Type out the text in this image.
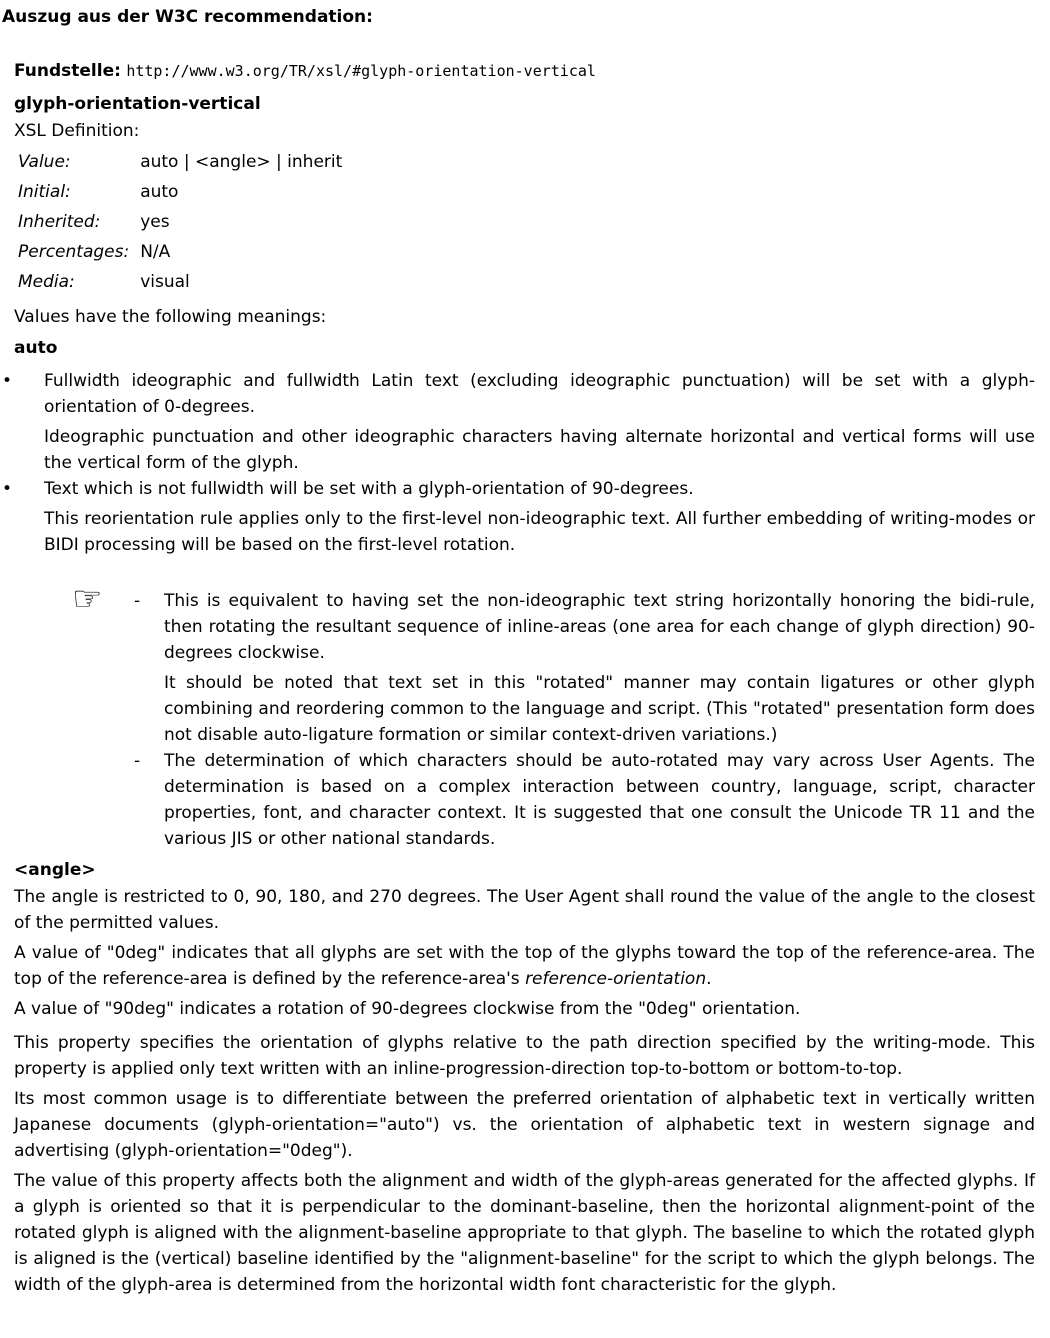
Auszug aus der W3C recommendation:

Fundstelle: http://www.w3.org/TR/xsl/#glyph-orientation-vertical

glyph-orientation-vertical

XSL Definition:

Value:	auto | <angle> | inherit
Initial:	auto
Inherited:	yes
Percentages:	N/A
Media:	visual

Values have the following meanings:

auto

• Fullwidth ideographic and fullwidth Latin text (excluding ideographic punctuation) will be set with a glyph-orientation of 0-degrees.

Ideographic punctuation and other ideographic characters having alternate horizontal and vertical forms will use the vertical form of the glyph.

• Text which is not fullwidth will be set with a glyph-orientation of 90-degrees.

This reorientation rule applies only to the first-level non-ideographic text. All further embedding of writing-modes or BIDI processing will be based on the first-level rotation.

☞	- This is equivalent to having set the non-ideographic text string horizontally honoring the bidi-rule, then rotating the resultant sequence of inline-areas (one area for each change of glyph direction) 90-degrees clockwise.

It should be noted that text set in this "rotated" manner may contain ligatures or other glyph combining and reordering common to the language and script. (This "rotated" presentation form does not disable auto-ligature formation or similar context-driven variations.)

- The determination of which characters should be auto-rotated may vary across User Agents. The determination is based on a complex interaction between country, language, script, character properties, font, and character context. It is suggested that one consult the Unicode TR 11 and the various JIS or other national standards.

<angle>

The angle is restricted to 0, 90, 180, and 270 degrees. The User Agent shall round the value of the angle to the closest of the permitted values.

A value of "0deg" indicates that all glyphs are set with the top of the glyphs toward the top of the reference-area. The top of the reference-area is defined by the reference-area's reference-orientation.

A value of "90deg" indicates a rotation of 90-degrees clockwise from the "0deg" orientation.

This property specifies the orientation of glyphs relative to the path direction specified by the writing-mode. This property is applied only text written with an inline-progression-direction top-to-bottom or bottom-to-top.

Its most common usage is to differentiate between the preferred orientation of alphabetic text in vertically written Japanese documents (glyph-orientation="auto") vs. the orientation of alphabetic text in western signage and advertising (glyph-orientation="0deg").

The value of this property affects both the alignment and width of the glyph-areas generated for the affected glyphs. If a glyph is oriented so that it is perpendicular to the dominant-baseline, then the horizontal alignment-point of the rotated glyph is aligned with the alignment-baseline appropriate to that glyph. The baseline to which the rotated glyph is aligned is the (vertical) baseline identified by the "alignment-baseline" for the script to which the glyph belongs. The width of the glyph-area is determined from the horizontal width font characteristic for the glyph.
